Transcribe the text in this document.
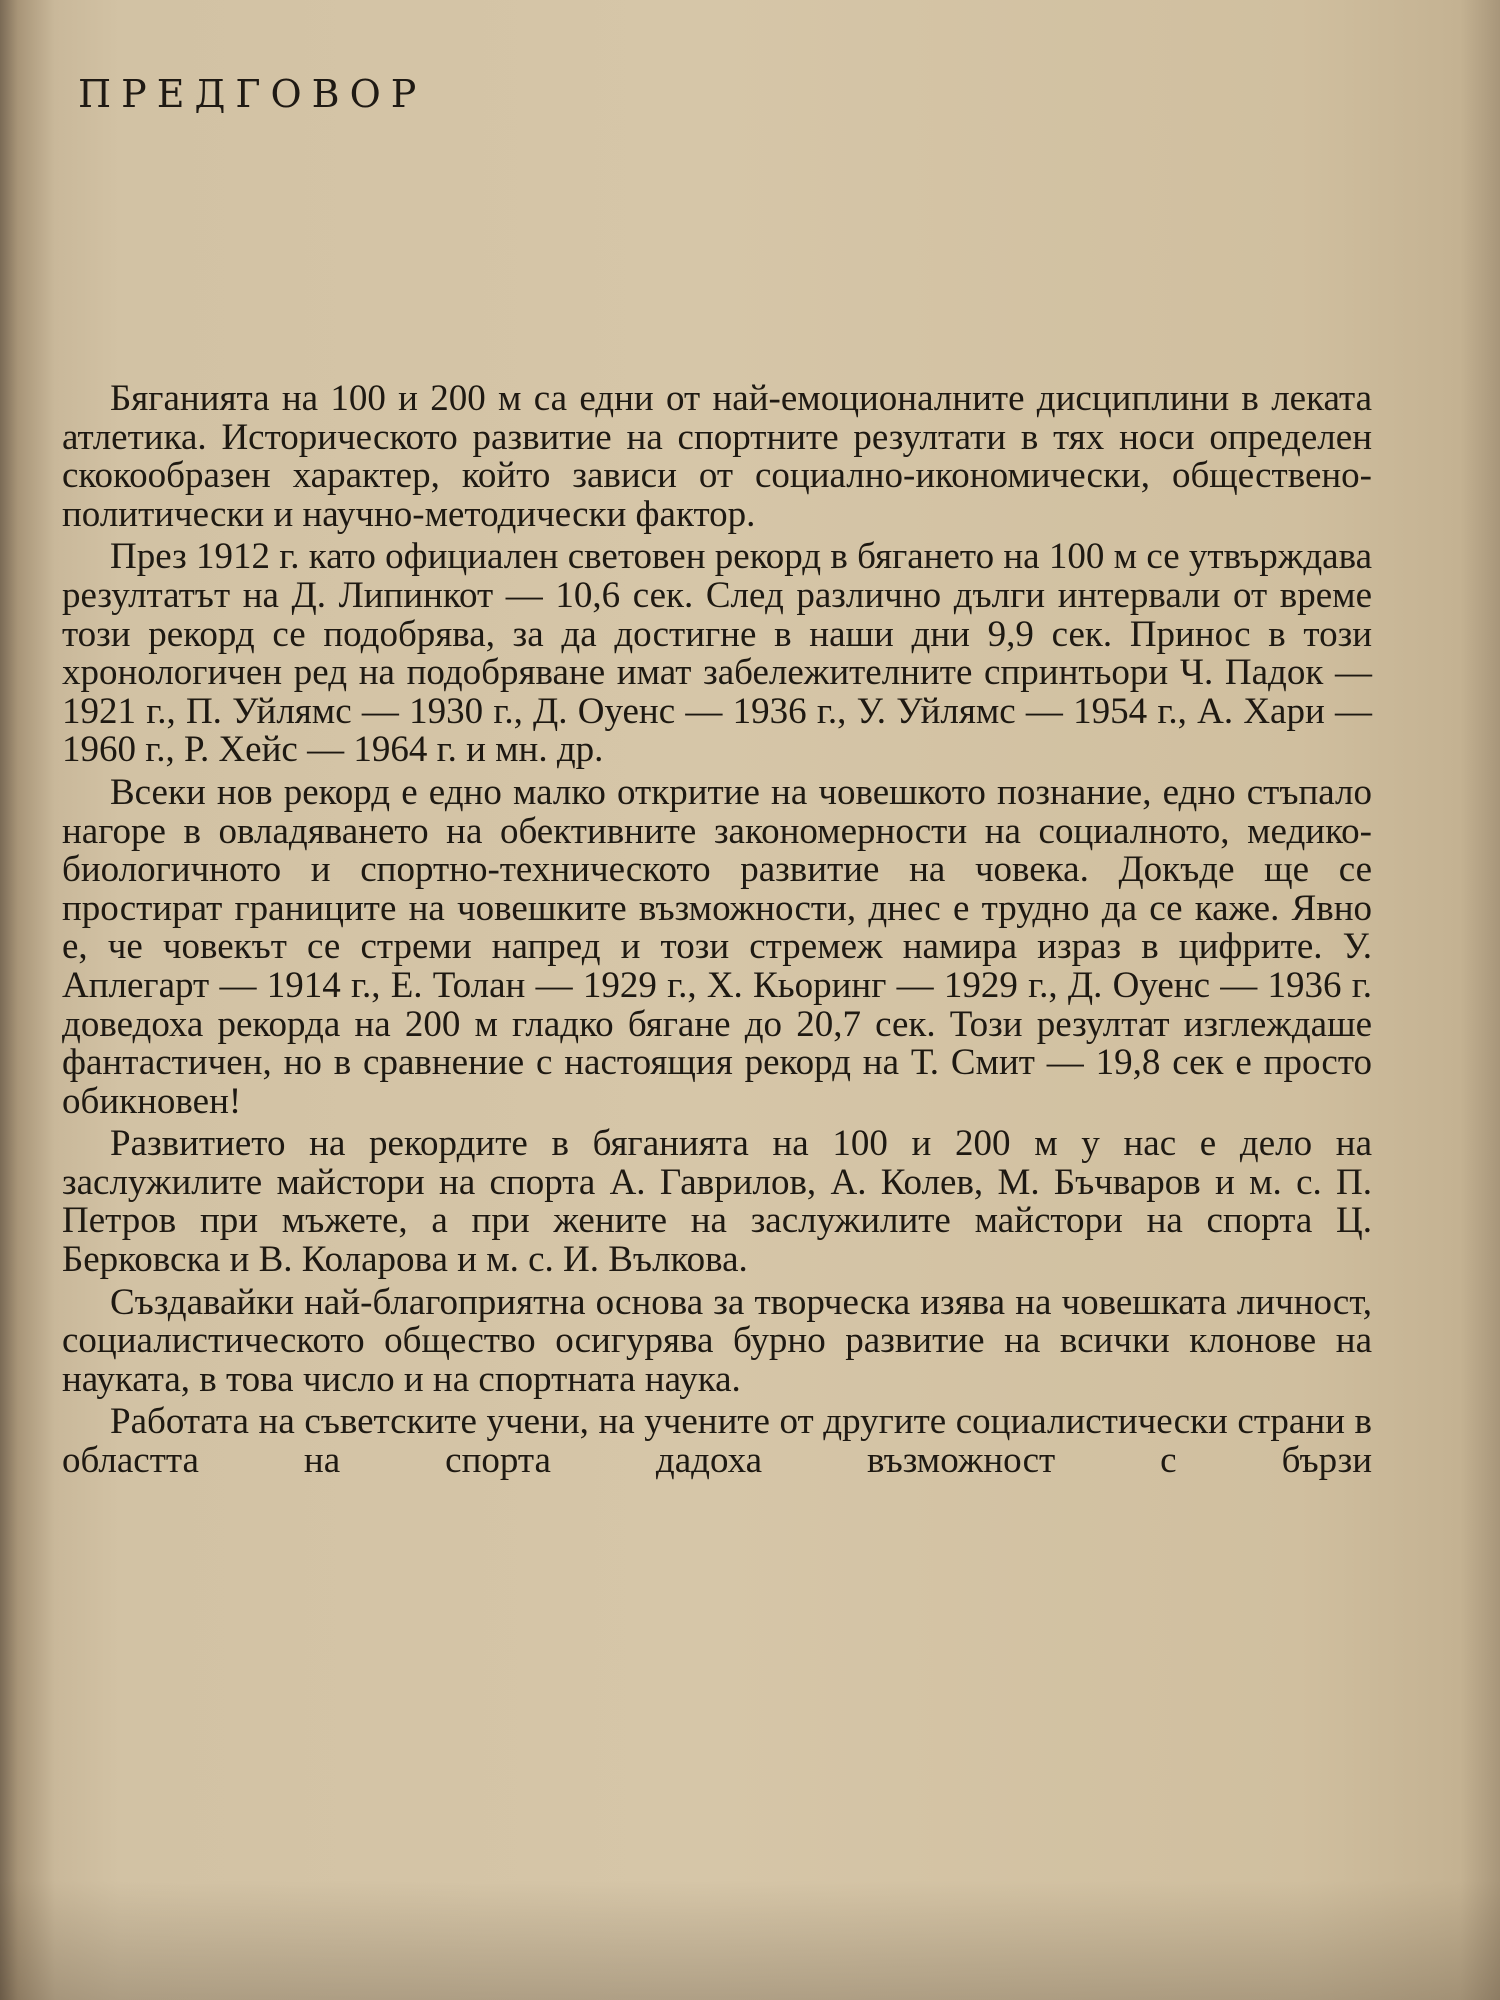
ПРЕДГОВОР

Бяганията на 100 и 200 м са едни от най-емоционалните дисциплини в леката атлетика. Историческото развитие на спортните резултати в тях носи определен скокообразен характер, който зависи от социално-икономически, обществено-политически и научно-методически фактор.

През 1912 г. като официален световен рекорд в бягането на 100 м се утвърждава резултатът на Д. Липинкот — 10,6 сек. След различно дълги интервали от време този рекорд се подобрява, за да достигне в наши дни 9,9 сек. Принос в този хронологичен ред на подобряване имат забележителните спринтьори Ч. Падок — 1921 г., П. Уйлямс — 1930 г., Д. Оуенс — 1936 г., У. Уйлямс — 1954 г., А. Хари — 1960 г., Р. Хейс — 1964 г. и мн. др.

Всеки нов рекорд е едно малко откритие на човешкото познание, едно стъпало нагоре в овладяването на обективните закономерности на социалното, медико-биологичното и спортно-техническото развитие на човека. Докъде ще се простират границите на човешките възможности, днес е трудно да се каже. Явно е, че човекът се стреми напред и този стремеж намира израз в цифрите. У. Аплегарт — 1914 г., Е. Толан — 1929 г., Х. Кьоринг — 1929 г., Д. Оуенс — 1936 г. доведоха рекорда на 200 м гладко бягане до 20,7 сек. Този резултат изглеждаше фантастичен, но в сравнение с настоящия рекорд на Т. Смит — 19,8 сек е просто обикновен!

Развитието на рекордите в бяганията на 100 и 200 м у нас е дело на заслужилите майстори на спорта А. Гаврилов, А. Колев, М. Бъчваров и м. с. П. Петров при мъжете, а при жените на заслужилите майстори на спорта Ц. Берковска и В. Коларова и м. с. И. Вълкова.

Създавайки най-благоприятна основа за творческа изява на човешката личност, социалистическото общество осигурява бурно развитие на всички клонове на науката, в това число и на спортната наука.

Работата на съветските учени, на учените от другите социалистически страни в областта на спорта дадоха възможност с бързи
